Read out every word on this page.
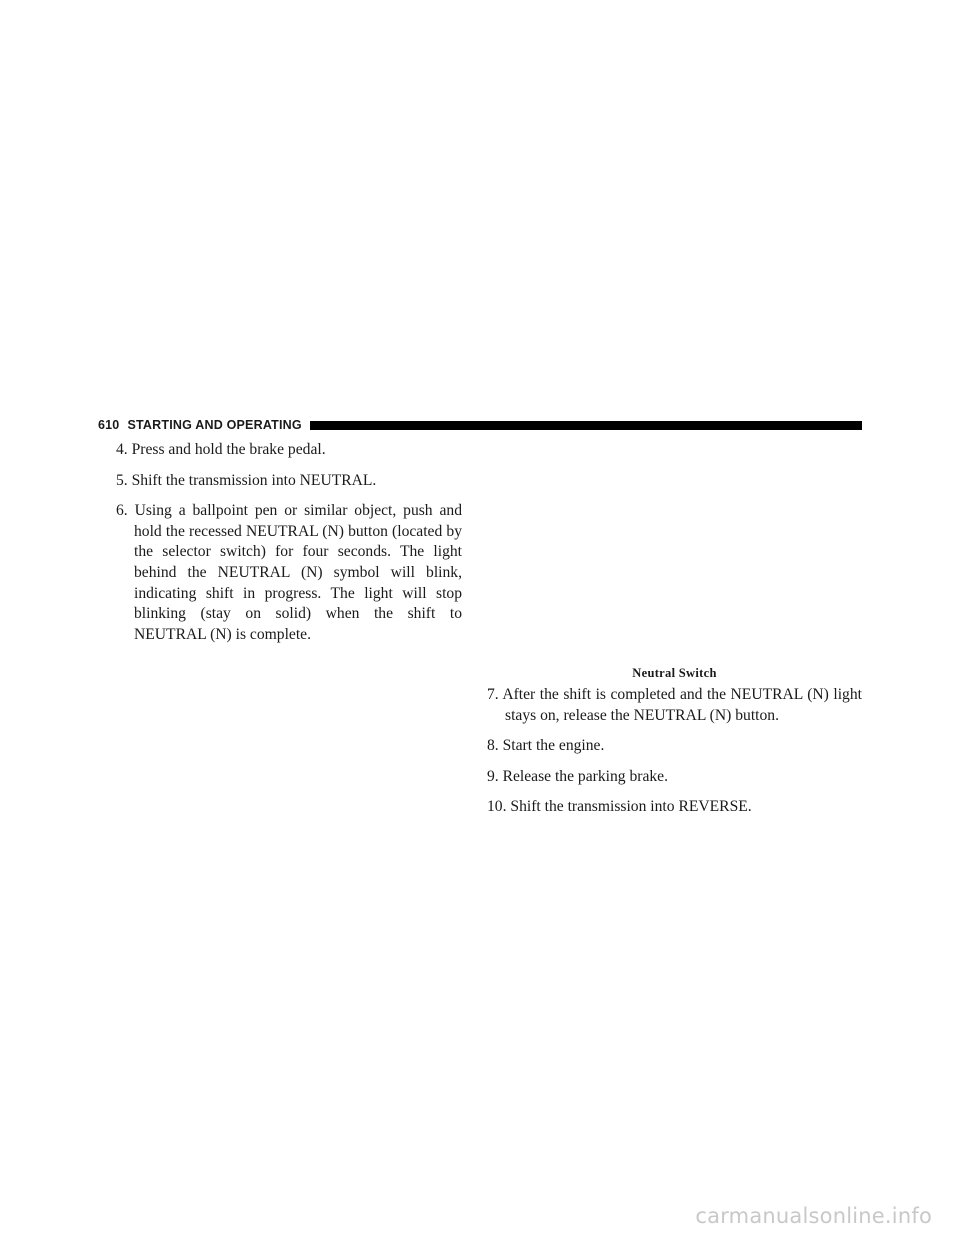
610 STARTING AND OPERATING

4. Press and hold the brake pedal.

5. Shift the transmission into NEUTRAL.

6. Using a ballpoint pen or similar object, push and hold the recessed NEUTRAL (N) button (located by the selector switch) for four seconds. The light behind the NEUTRAL (N) symbol will blink, indicating shift in progress. The light will stop blinking (stay on solid) when the shift to NEUTRAL (N) is complete.

Neutral Switch

7. After the shift is completed and the NEUTRAL (N) light stays on, release the NEUTRAL (N) button.

8. Start the engine.

9. Release the parking brake.

10. Shift the transmission into REVERSE.

carmanualsonline.info
